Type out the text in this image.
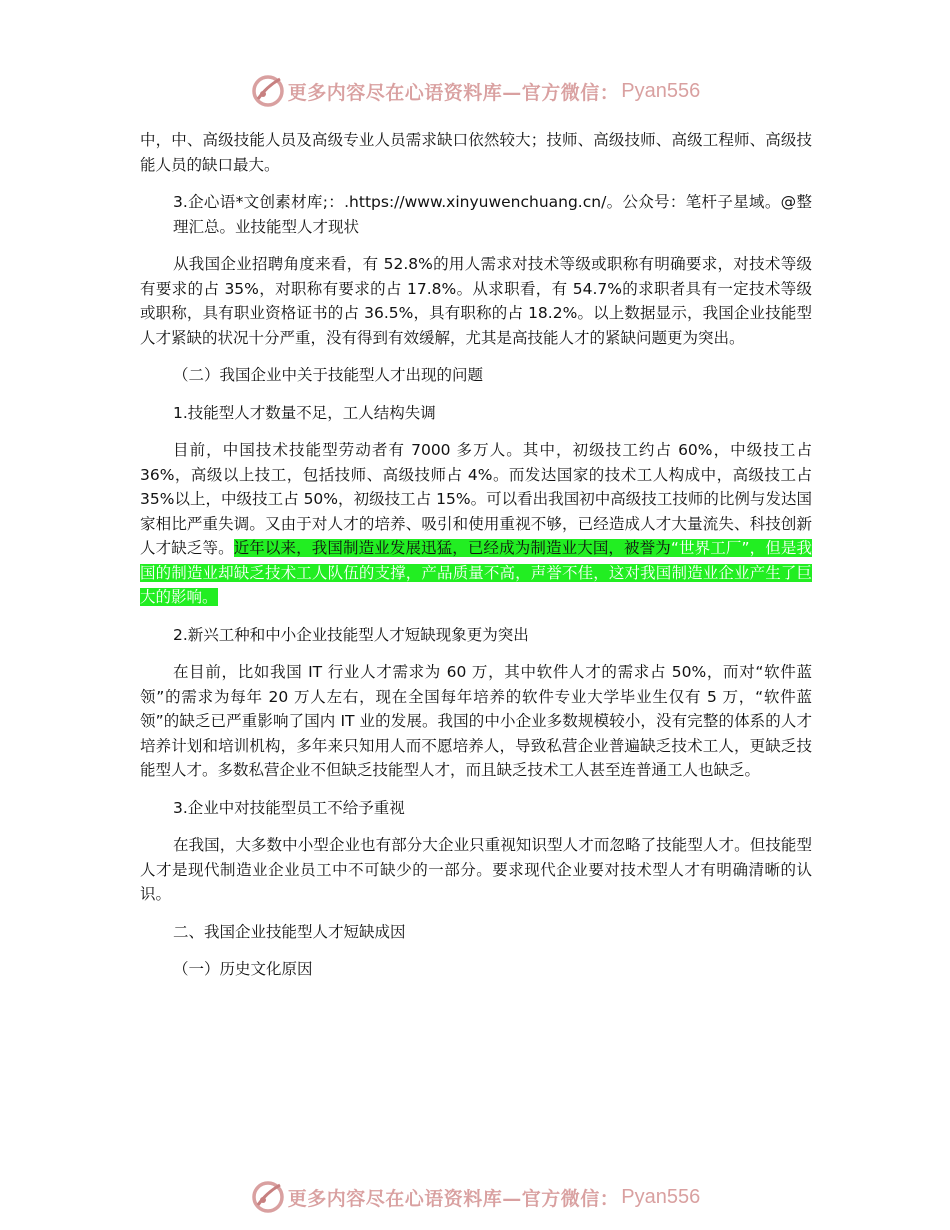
更多内容尽在心语资料库—官方微信： Pyan556

中，中、高级技能人员及高级专业人员需求缺口依然较大；技师、高级技师、高级工程师、高级技能人员的缺口最大。

3.企心语*文创素材库;：.https://www.xinyuwenchuang.cn/。公众号：笔杆子星域。@整理汇总。业技能型人才现状

从我国企业招聘角度来看，有 52.8%的用人需求对技术等级或职称有明确要求，对技术等级有要求的占 35%，对职称有要求的占 17.8%。从求职看，有 54.7%的求职者具有一定技术等级或职称，具有职业资格证书的占 36.5%，具有职称的占 18.2%。以上数据显示，我国企业技能型人才紧缺的状况十分严重，没有得到有效缓解，尤其是高技能人才的紧缺问题更为突出。

（二）我国企业中关于技能型人才出现的问题

1.技能型人才数量不足，工人结构失调

目前，中国技术技能型劳动者有 7000 多万人。其中，初级技工约占 60%，中级技工占 36%，高级以上技工，包括技师、高级技师占 4%。而发达国家的技术工人构成中，高级技工占 35%以上，中级技工占 50%，初级技工占 15%。可以看出我国初中高级技工技师的比例与发达国家相比严重失调。又由于对人才的培养、吸引和使用重视不够，已经造成人才大量流失、科技创新人才缺乏等。近年以来，我国制造业发展迅猛，已经成为制造业大国，被誉为“世界工厂”，但是我国的制造业却缺乏技术工人队伍的支撑，产品质量不高，声誉不佳，这对我国制造业企业产生了巨大的影响。

2.新兴工种和中小企业技能型人才短缺现象更为突出

在目前，比如我国 IT 行业人才需求为 60 万，其中软件人才的需求占 50%，而对“软件蓝领”的需求为每年 20 万人左右，现在全国每年培养的软件专业大学毕业生仅有 5 万，“软件蓝领”的缺乏已严重影响了国内 IT 业的发展。我国的中小企业多数规模较小，没有完整的体系的人才培养计划和培训机构，多年来只知用人而不愿培养人，导致私营企业普遍缺乏技术工人，更缺乏技能型人才。多数私营企业不但缺乏技能型人才，而且缺乏技术工人甚至连普通工人也缺乏。

3.企业中对技能型员工不给予重视

在我国，大多数中小型企业也有部分大企业只重视知识型人才而忽略了技能型人才。但技能型人才是现代制造业企业员工中不可缺少的一部分。要求现代企业要对技术型人才有明确清晰的认识。

二、我国企业技能型人才短缺成因

（一）历史文化原因

更多内容尽在心语资料库—官方微信： Pyan556
